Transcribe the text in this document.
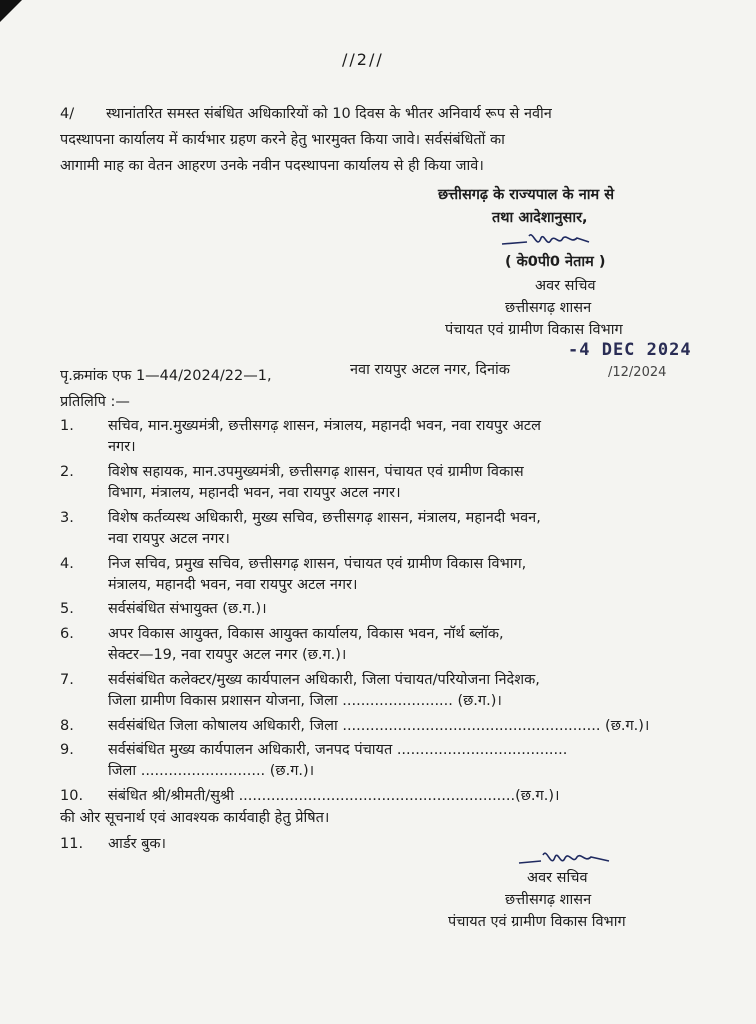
//2//
4/ स्थानांतरित समस्त संबंधित अधिकारियों को 10 दिवस के भीतर अनिवार्य रूप से नवीन
पदस्थापना कार्यालय में कार्यभार ग्रहण करने हेतु भारमुक्त किया जावे। सर्वसंबंधितों का
आगामी माह का वेतन आहरण उनके नवीन पदस्थापना कार्यालय से ही किया जावे।
छत्तीसगढ़ के राज्यपाल के नाम से
तथा आदेशानुसार,
( के0पी0 नेताम )
अवर सचिव
छत्तीसगढ़ शासन
पंचायत एवं ग्रामीण विकास विभाग
पृ.क्रमांक एफ 1—44/2024/22—1,	नवा रायपुर अटल नगर, दिनांक
-4 DEC 2024
/12/2024
प्रतिलिपि :—
1.	सचिव, मान.मुख्यमंत्री, छत्तीसगढ़ शासन, मंत्रालय, महानदी भवन, नवा रायपुर अटल
नगर।
2.	विशेष सहायक, मान.उपमुख्यमंत्री, छत्तीसगढ़ शासन, पंचायत एवं ग्रामीण विकास
विभाग, मंत्रालय, महानदी भवन, नवा रायपुर अटल नगर।
3.	विशेष कर्तव्यस्थ अधिकारी, मुख्य सचिव, छत्तीसगढ़ शासन, मंत्रालय, महानदी भवन,
नवा रायपुर अटल नगर।
4.	निज सचिव, प्रमुख सचिव, छत्तीसगढ़ शासन, पंचायत एवं ग्रामीण विकास विभाग,
मंत्रालय, महानदी भवन, नवा रायपुर अटल नगर।
5.	सर्वसंबंधित संभायुक्त (छ.ग.)।
6.	अपर विकास आयुक्त, विकास आयुक्त कार्यालय, विकास भवन, नॉर्थ ब्लॉक,
सेक्टर—19, नवा रायपुर अटल नगर (छ.ग.)।
7.	सर्वसंबंधित कलेक्टर/मुख्य कार्यपालन अधिकारी, जिला पंचायत/परियोजना निदेशक,
जिला ग्रामीण विकास प्रशासन योजना, जिला ........................ (छ.ग.)।
8.	सर्वसंबंधित जिला कोषालय अधिकारी, जिला ........................................................ (छ.ग.)।
9.	सर्वसंबंधित मुख्य कार्यपालन अधिकारी, जनपद पंचायत .....................................
जिला ........................... (छ.ग.)।
10.	संबंधित श्री/श्रीमती/सुश्री ............................................................(छ.ग.)।
की ओर सूचनार्थ एवं आवश्यक कार्यवाही हेतु प्रेषित।
11. आर्डर बुक।
अवर सचिव
छत्तीसगढ़ शासन
पंचायत एवं ग्रामीण विकास विभाग
